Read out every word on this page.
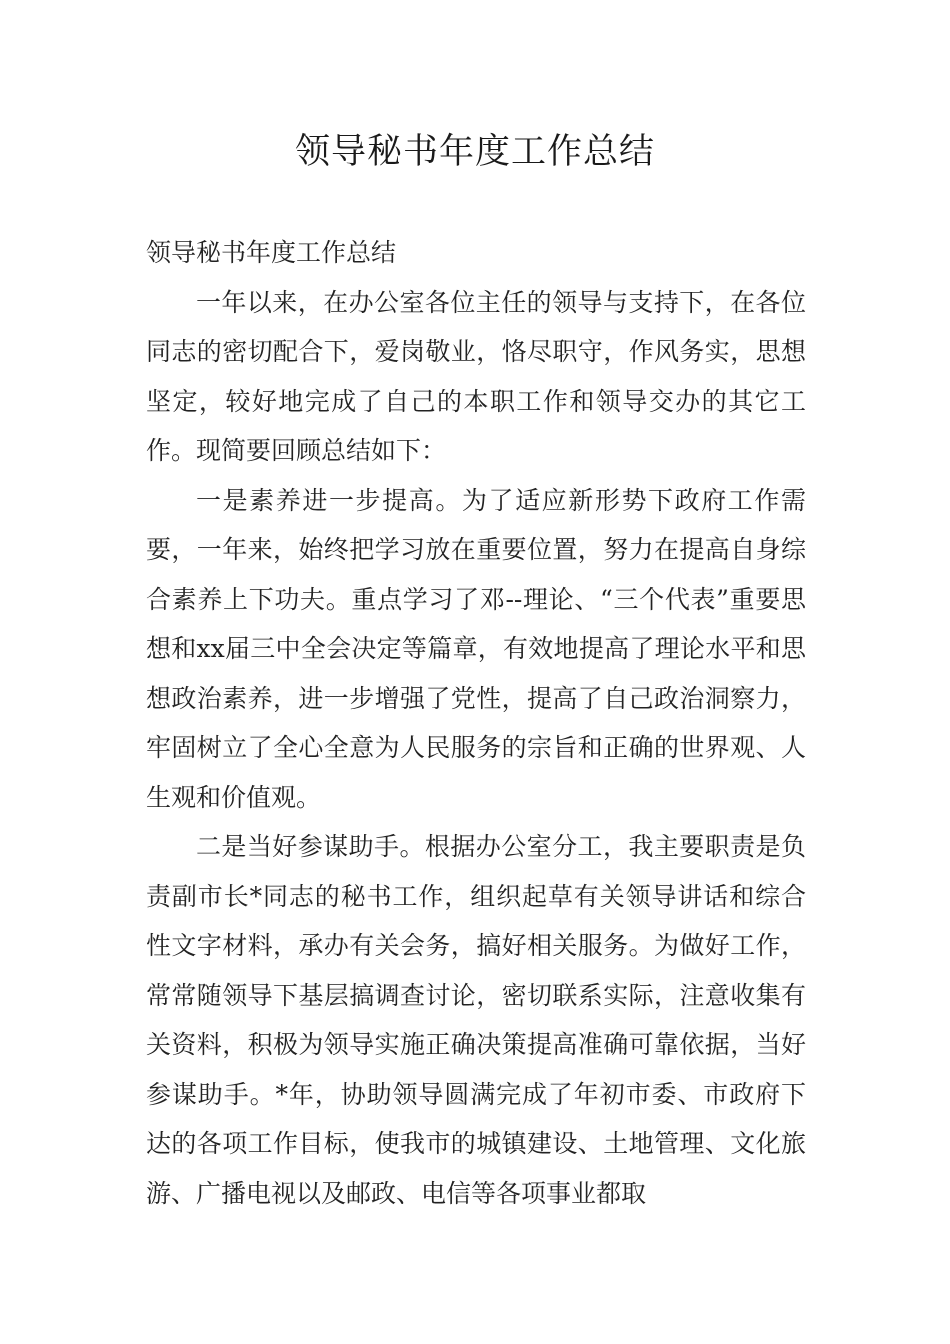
领导秘书年度工作总结

领导秘书年度工作总结

一年以来，在办公室各位主任的领导与支持下，在各位同志的密切配合下，爱岗敬业，恪尽职守，作风务实，思想坚定，较好地完成了自己的本职工作和领导交办的其它工作。现简要回顾总结如下：

一是素养进一步提高。为了适应新形势下政府工作需要，一年来，始终把学习放在重要位置，努力在提高自身综合素养上下功夫。重点学习了邓--理论、“三个代表”重要思想和xx届三中全会决定等篇章，有效地提高了理论水平和思想政治素养，进一步增强了党性，提高了自己政治洞察力，牢固树立了全心全意为人民服务的宗旨和正确的世界观、人生观和价值观。

二是当好参谋助手。根据办公室分工，我主要职责是负责副市长*同志的秘书工作，组织起草有关领导讲话和综合性文字材料，承办有关会务，搞好相关服务。为做好工作，常常随领导下基层搞调查讨论，密切联系实际，注意收集有关资料，积极为领导实施正确决策提高准确可靠依据，当好参谋助手。*年，协助领导圆满完成了年初市委、市政府下达的各项工作目标，使我市的城镇建设、土地管理、文化旅游、广播电视以及邮政、电信等各项事业都取
